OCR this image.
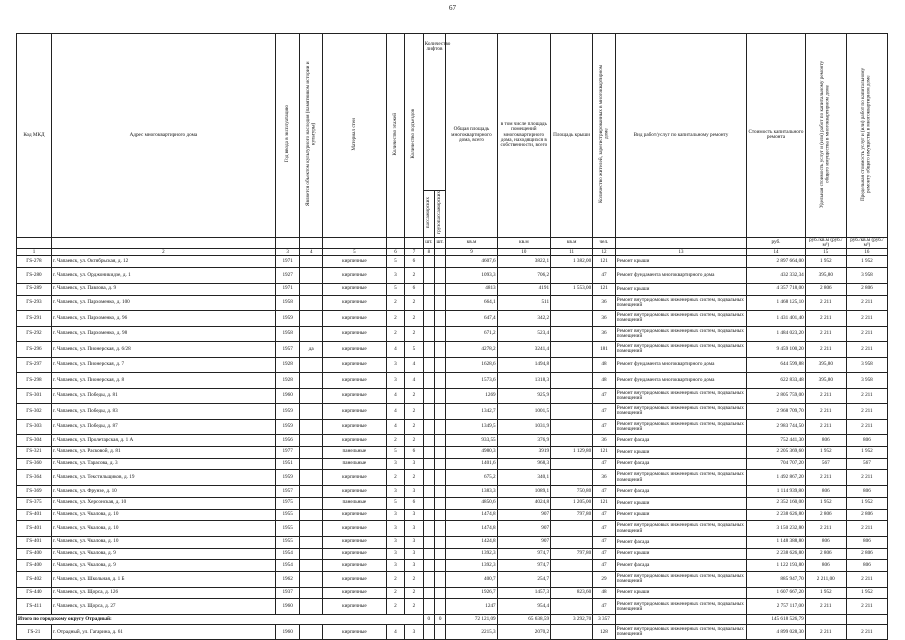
67
Код МКД	Адрес многоквартирного дома	Год ввода в эксплуатацию	Является объектом культурного наследия (памятником истории и культуры)	Материал стен	Количество этажей	Количество подъездов	Количество лифтов		Общая площадь многоквартирного дома, всего	в том числе площадь помещений многоквартирного дома, находящихся в собственности, всего	Площадь крыши	Количество жителей, зарегистрированных в многоквартирном доме	Вид работ/услуг по капитальному ремонту	Стоимость капитального ремонта	Удельная стоимость услуг и (или) работ по капитальному ремонту общего имущества в многоквартирном доме	Предельная стоимость услуг и (или) работ по капитальному ремонту общего имущества в многоквартирном доме
							пассажирских	грузопассажирских								
							шт.	шт.	кв.м	кв.м	кв.м	чел.		руб.	руб./кв.м (руб./м³)	руб./кв.м (руб./м³)
1	2	3	4	5	6	7	8		9	10	11	12	13	14	15	16
ГЅ-278	г. Чапаевск, ул. Октябрьская, д. 12	1971		кирпичные	5	6			4607,6	3822,1	1 382,00	121	Ремонт крыши	2 897 664,00	1 952	1 952
ГЅ-280	г. Чапаевск, ул. Орджоникидзе, д. 1	1927		кирпичные	3	2			1093,3	706,2		47	Ремонт фундамента многоквартирного дома	432 332,34	395,80	3 958
ГЅ-289	г. Чапаевск, ул. Павлова, д. 9	1971		кирпичные	5	6			4813	4191	1 553,00	121	Ремонт крыши	4 357 718,00	2 806	2 806
ГЅ-293	г. Чапаевск, ул. Пархоменко, д. 100	1958		кирпичные	2	2			664,1	511		36	Ремонт внутридомовых инженерных систем, подвальных помещений	1 468 125,10	2 211	2 211
ГЅ-291	г. Чапаевск, ул. Пархоменко, д. 96	1959		кирпичные	2	2			647,4	342,2		36	Ремонт внутридомовых инженерных систем, подвальных помещений	1 431 401,40	2 211	2 211
ГЅ-292	г. Чапаевск, ул. Пархоменко, д. 98	1958		кирпичные	2	2			671,2	523,4		36	Ремонт внутридомовых инженерных систем, подвальных помещений	1 484 023,20	2 211	2 211
ГЅ-296	г. Чапаевск, ул. Пионерская, д. 6/28	1957	да	кирпичные	4	5			4278,2	3241,4		181	Ремонт внутридомовых инженерных систем, подвальных помещений	9 459 100,20	2 211	2 211
ГЅ-297	г. Чапаевск, ул. Пионерская, д. 7	1928		кирпичные	3	4			1628,6	1494,8		48	Ремонт фундамента многоквартирного дома	644 599,88	395,80	3 958
ГЅ-298	г. Чапаевск, ул. Пионерская, д. 8	1928		кирпичные	3	4			1573,6	1318,3		48	Ремонт фундамента многоквартирного дома	622 833,48	395,80	3 958
ГЅ-301	г. Чапаевск, ул. Победы, д. 81	1960		кирпичные	4	2			1269	925,9		47	Ремонт внутридомовых инженерных систем, подвальных помещений	2 805 759,00	2 211	2 211
ГЅ-302	г. Чапаевск, ул. Победы, д. 83	1959		кирпичные	4	2			1342,7	1001,5		47	Ремонт внутридомовых инженерных систем, подвальных помещений	2 968 709,70	2 211	2 211
ГЅ-303	г. Чапаевск, ул. Победы, д. 87	1959		кирпичные	4	2			1349,5	1031,9		47	Ремонт внутридомовых инженерных систем, подвальных помещений	2 983 744,50	2 211	2 211
ГЅ-304	г. Чапаевск, ул. Пролетарская, д. 1 А	1956		кирпичные	2	2			933,55	376,9		36	Ремонт фасада	752 441,30	806	806
ГЅ-321	г. Чапаевск, ул. Расковой, д. 81	1977		панельные	5	6			4980,3	3919	1 129,80	121	Ремонт крыши	2 205 369,60	1 952	1 952
ГЅ-360	г. Чапаевск, ул. Тарасова, д. 3	1951		панельные	3	3			1401,6	968,3		47	Ремонт фасада	704 707,20	567	567
ГЅ-364	г. Чапаевск, ул. Текстильщиков, д. 19	1959		кирпичные	2	2			675,2	340,1		36	Ремонт внутридомовых инженерных систем, подвальных помещений	1 492 867,20	2 211	2 211
ГЅ-369	г. Чапаевск, ул. Фрунзе, д. 10	1957		кирпичные	3	3			1383,3	1089,1	750,80	47	Ремонт фасада	1 114 939,80	806	806
ГЅ-375	г. Чапаевск, ул. Херсонская, д. 10	1975		панельные	5	6			4850,6	4024,8	1 205,00	121	Ремонт крыши	2 352 160,00	1 952	1 952
ГЅ-401	г. Чапаевск, ул. Чкалова, д. 10	1955		кирпичные	3	3			1474,8	907	797,80	47	Ремонт крыши	2 238 626,80	2 806	2 806
ГЅ-401	г. Чапаевск, ул. Чкалова, д. 10	1955		кирпичные	3	3			1474,8	907		47	Ремонт внутридомовых инженерных систем, подвальных помещений	3 150 232,80	2 211	2 211
ГЅ-401	г. Чапаевск, ул. Чкалова, д. 10	1955		кирпичные	3	3			1424,8	907		47	Ремонт фасада	1 148 388,80	806	806
ГЅ-400	г. Чапаевск, ул. Чкалова, д. 9	1954		кирпичные	3	3			1392,3	974,7	797,80	47	Ремонт крыши	2 238 626,80	2 806	2 806
ГЅ-400	г. Чапаевск, ул. Чкалова, д. 9	1954		кирпичные	3	3			1392,3	974,7		47	Ремонт фасада	1 122 193,80	806	806
ГЅ-402	г. Чапаевск, ул. Школьная, д. 1 Б	1962		кирпичные	2	2			400,7	254,7		29	Ремонт внутридомовых инженерных систем, подвальных помещений	885 947,70	2 211,00	2 211
ГЅ-440	г. Чапаевск, ул. Щорса, д. 126	1937		кирпичные	2	2			1926,7	1457,3	823,60	48	Ремонт крыши	1 607 667,20	1 952	1 952
ГЅ-411	г. Чапаевск, ул. Щорса, д. 27	1960		кирпичные	2	2			1247	954,4		47	Ремонт внутридомовых инженерных систем, подвальных помещений	2 757 117,00	2 211	2 211
Итого по городскому округу Отрадный:							0	0	72 121,09	65 638,59	3 292,70	3 357		145 618 526,79		
ГЅ-21	г. Отрадный, ул. Гагарина, д. 61	1960		кирпичные	4	3			2215,3	2070,2		128	Ремонт внутридомовых инженерных систем, подвальных помещений	4 899 028,30	2 211	2 211
